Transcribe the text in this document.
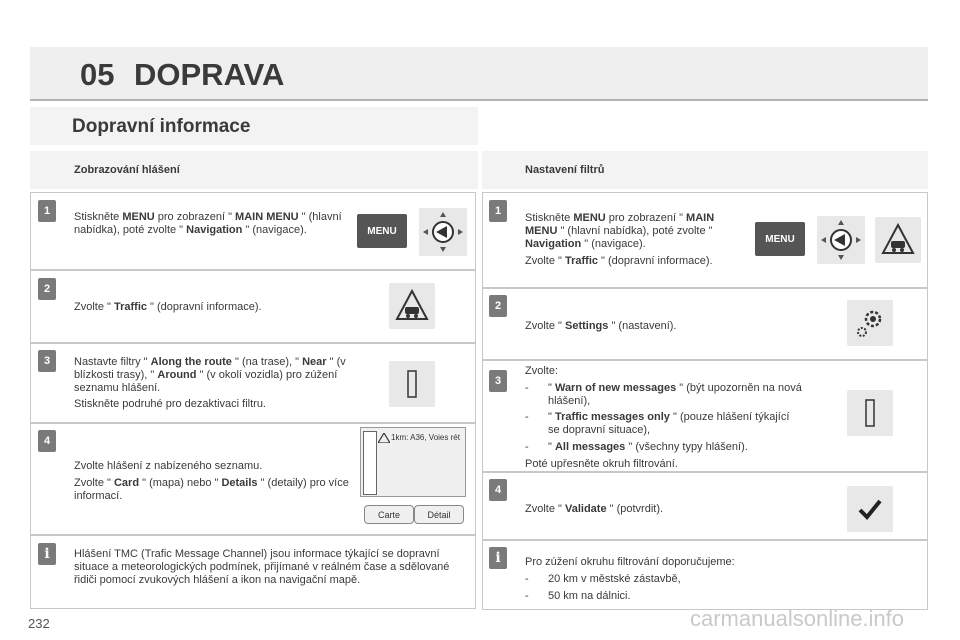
05 DOPRAVA
Dopravní informace
Zobrazování hlášení	Nastavení filtrů
1	Stiskněte MENU pro zobrazení " MAIN MENU " (hlavní nabídka), poté zvolte " Navigation " (navigace).	MENU
2
Zvolte " Traffic " (dopravní informace).
3	Nastavte filtry " Along the route " (na trase), " Near " (v blízkosti trasy), " Around " (v okolí vozidla) pro zúžení seznamu hlášení.
Stiskněte podruhé pro dezaktivaci filtru.
4
Zvolte hlášení z nabízeného seznamu.
Zvolte " Card " (mapa) nebo " Details " (detaily) pro více informací.
1km: A36, Voies rét
Carte	Détail
i	Hlášení TMC (Trafic Message Channel) jsou informace týkající se dopravní situace a meteorologických podmínek, přijímané v reálném čase a sdělované řidiči pomocí zvukových hlášení a ikon na navigační mapě.
1
Stiskněte MENU pro zobrazení " MAIN MENU " (hlavní nabídka), poté zvolte " Navigation " (navigace).
Zvolte " Traffic " (dopravní informace).
MENU
2
Zvolte " Settings " (nastavení).
3
Zvolte:
- " Warn of new messages " (být upozorněn na nová hlášení),
- " Traffic messages only " (pouze hlášení týkající se dopravní situace),
- " All messages " (všechny typy hlášení).
Poté upřesněte okruh filtrování.
4
Zvolte " Validate " (potvrdit).
i	Pro zúžení okruhu filtrování doporučujeme:
- 20 km v městské zástavbě,
- 50 km na dálnici.
232	carmanualsonline.info
